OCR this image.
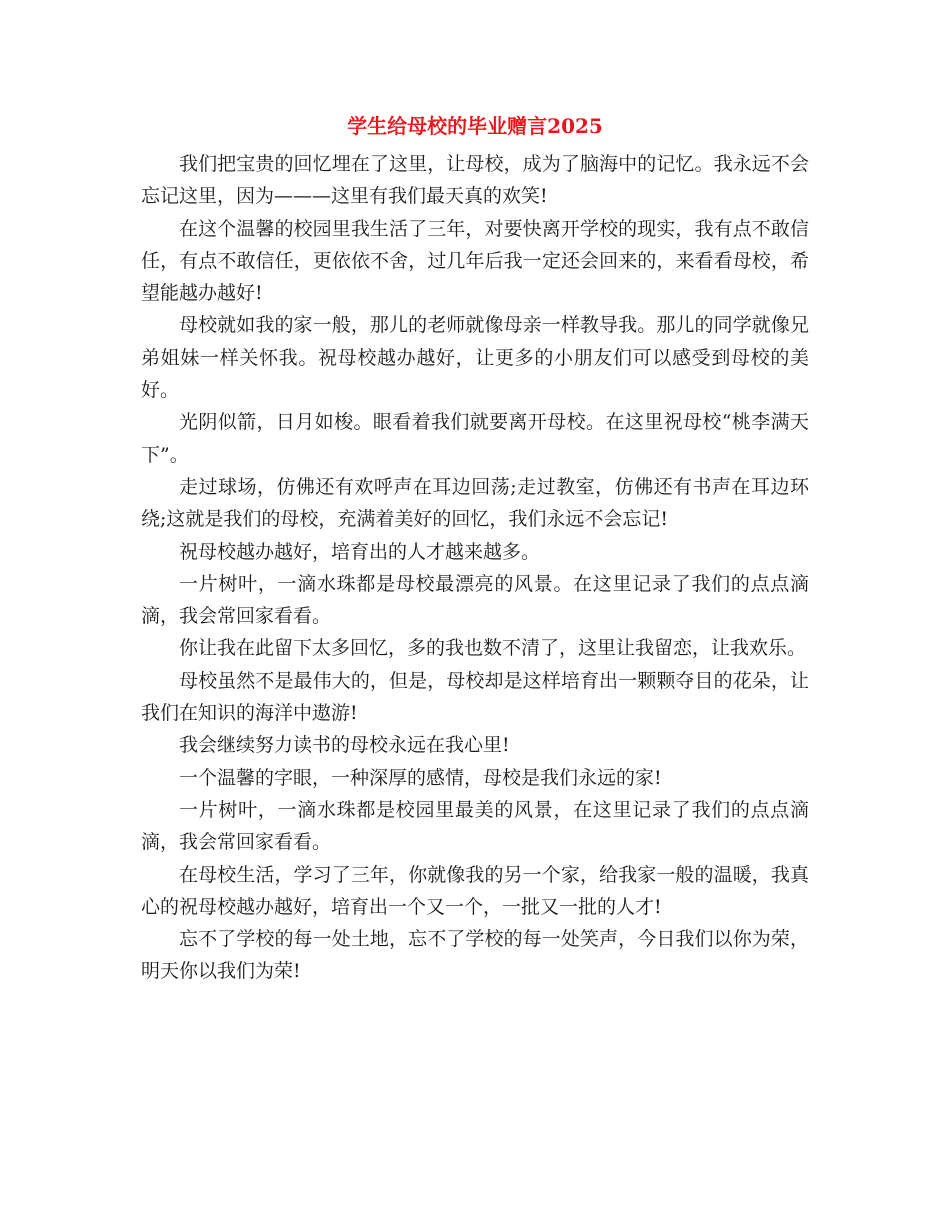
学生给母校的毕业赠言2025

我们把宝贵的回忆埋在了这里，让母校，成为了脑海中的记忆。我永远不会忘记这里，因为———这里有我们最天真的欢笑!

在这个温馨的校园里我生活了三年，对要快离开学校的现实，我有点不敢信任，有点不敢信任，更依依不舍，过几年后我一定还会回来的，来看看母校，希望能越办越好!

母校就如我的家一般，那儿的老师就像母亲一样教导我。那儿的同学就像兄弟姐妹一样关怀我。祝母校越办越好，让更多的小朋友们可以感受到母校的美好。

光阴似箭，日月如梭。眼看着我们就要离开母校。在这里祝母校“桃李满天下”。

走过球场，仿佛还有欢呼声在耳边回荡;走过教室，仿佛还有书声在耳边环绕;这就是我们的母校，充满着美好的回忆，我们永远不会忘记!

祝母校越办越好，培育出的人才越来越多。

一片树叶，一滴水珠都是母校最漂亮的风景。在这里记录了我们的点点滴滴，我会常回家看看。

你让我在此留下太多回忆，多的我也数不清了，这里让我留恋，让我欢乐。

母校虽然不是最伟大的，但是，母校却是这样培育出一颗颗夺目的花朵，让我们在知识的海洋中遨游!

我会继续努力读书的母校永远在我心里!

一个温馨的字眼，一种深厚的感情，母校是我们永远的家!

一片树叶，一滴水珠都是校园里最美的风景，在这里记录了我们的点点滴滴，我会常回家看看。

在母校生活，学习了三年，你就像我的另一个家，给我家一般的温暖，我真心的祝母校越办越好，培育出一个又一个，一批又一批的人才!

忘不了学校的每一处土地，忘不了学校的每一处笑声，今日我们以你为荣，明天你以我们为荣!
